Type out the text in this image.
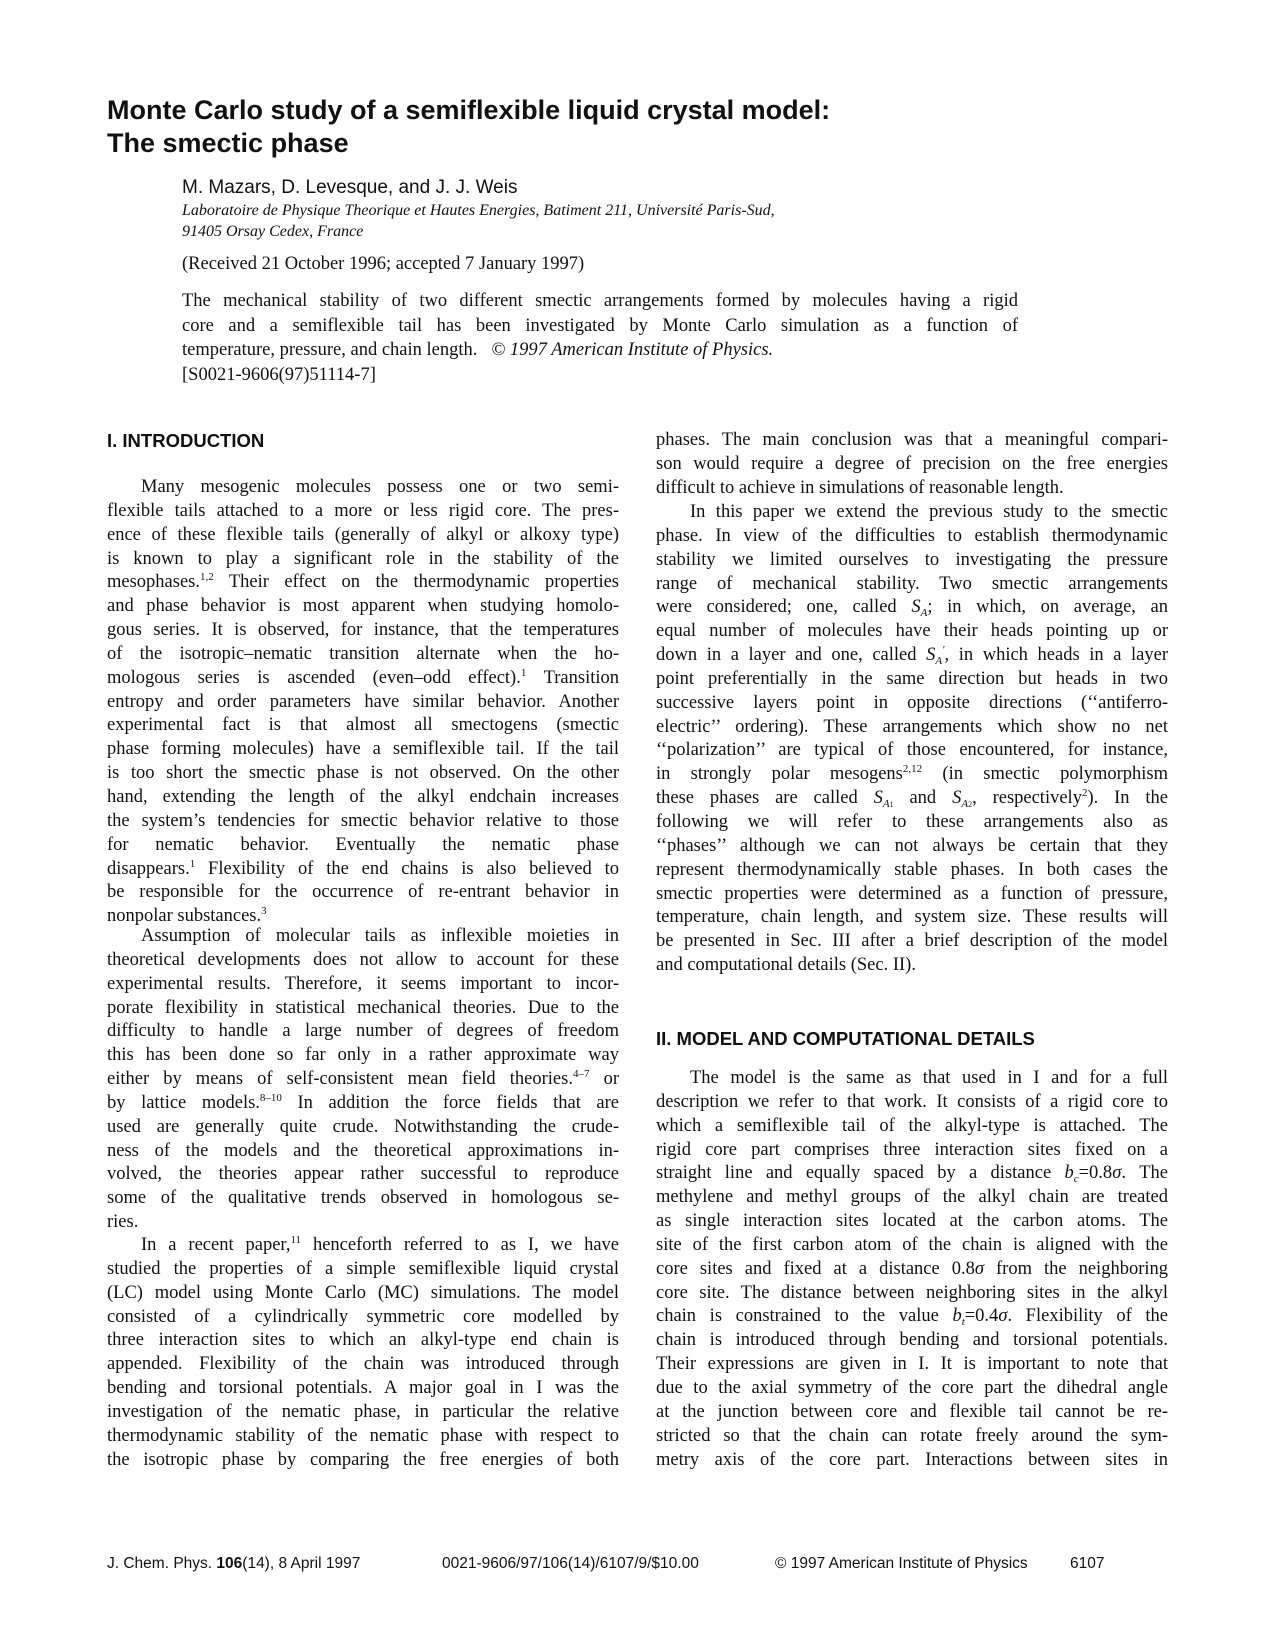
Monte Carlo study of a semiflexible liquid crystal model:
The smectic phase

M. Mazars, D. Levesque, and J. J. Weis

Laboratoire de Physique Theorique et Hautes Energies, Batiment 211, Université Paris-Sud,
91405 Orsay Cedex, France

(Received 21 October 1996; accepted 7 January 1997)

The mechanical stability of two different smectic arrangements formed by molecules having a rigid
core and a semiflexible tail has been investigated by Monte Carlo simulation as a function of
temperature, pressure, and chain length. © 1997 American Institute of Physics.
[S0021-9606(97)51114-7]

I. INTRODUCTION
Many mesogenic molecules possess one or two semi-
flexible tails attached to a more or less rigid core. The pres-
ence of these flexible tails (generally of alkyl or alkoxy type)
is known to play a significant role in the stability of the
mesophases.$^{1,2}$ Their effect on the thermodynamic properties
and phase behavior is most apparent when studying homolo-
gous series. It is observed, for instance, that the temperatures
of the isotropic–nematic transition alternate when the ho-
mologous series is ascended (even–odd effect).$^1$ Transition
entropy and order parameters have similar behavior. Another
experimental fact is that almost all smectogens (smectic
phase forming molecules) have a semiflexible tail. If the tail
is too short the smectic phase is not observed. On the other
hand, extending the length of the alkyl endchain increases
the system’s tendencies for smectic behavior relative to those
for nematic behavior. Eventually the nematic phase
disappears.$^1$ Flexibility of the end chains is also believed to
be responsible for the occurrence of re-entrant behavior in
nonpolar substances.$^3$
Assumption of molecular tails as inflexible moieties in
theoretical developments does not allow to account for these
experimental results. Therefore, it seems important to incor-
porate flexibility in statistical mechanical theories. Due to the
difficulty to handle a large number of degrees of freedom
this has been done so far only in a rather approximate way
either by means of self-consistent mean field theories.$^{4-7}$ or
by lattice models.$^{8-10}$ In addition the force fields that are
used are generally quite crude. Notwithstanding the crude-
ness of the models and the theoretical approximations in-
volved, the theories appear rather successful to reproduce
some of the qualitative trends observed in homologous se-
ries.
In a recent paper,$^{11}$ henceforth referred to as I, we have
studied the properties of a simple semiflexible liquid crystal
(LC) model using Monte Carlo (MC) simulations. The model
consisted of a cylindrically symmetric core modelled by
three interaction sites to which an alkyl-type end chain is
appended. Flexibility of the chain was introduced through
bending and torsional potentials. A major goal in I was the
investigation of the nematic phase, in particular the relative
thermodynamic stability of the nematic phase with respect to
the isotropic phase by comparing the free energies of both
phases. The main conclusion was that a meaningful compari-
son would require a degree of precision on the free energies
difficult to achieve in simulations of reasonable length.
In this paper we extend the previous study to the smectic
phase. In view of the difficulties to establish thermodynamic
stability we limited ourselves to investigating the pressure
range of mechanical stability. Two smectic arrangements
were considered; one, called $S_A$; in which, on average, an
equal number of molecules have their heads pointing up or
down in a layer and one, called $S_A'$, in which heads in a layer
point preferentially in the same direction but heads in two
successive layers point in opposite directions (‘‘antiferro-
electric’’ ordering). These arrangements which show no net
‘‘polarization’’ are typical of those encountered, for instance,
in strongly polar mesogens$^{2,12}$ (in smectic polymorphism
these phases are called $S_{A1}$ and $S_{A2}$, respectively$^2$). In the
following we will refer to these arrangements also as
‘‘phases’’ although we can not always be certain that they
represent thermodynamically stable phases. In both cases the
smectic properties were determined as a function of pressure,
temperature, chain length, and system size. These results will
be presented in Sec. III after a brief description of the model
and computational details (Sec. II).
II. MODEL AND COMPUTATIONAL DETAILS
The model is the same as that used in I and for a full
description we refer to that work. It consists of a rigid core to
which a semiflexible tail of the alkyl-type is attached. The
rigid core part comprises three interaction sites fixed on a
straight line and equally spaced by a distance $b_c=0.8\sigma$. The
methylene and methyl groups of the alkyl chain are treated
as single interaction sites located at the carbon atoms. The
site of the first carbon atom of the chain is aligned with the
core sites and fixed at a distance 0.8σ from the neighboring
core site. The distance between neighboring sites in the alkyl
chain is constrained to the value $b_t=0.4\sigma$. Flexibility of the
chain is introduced through bending and torsional potentials.
Their expressions are given in I. It is important to note that
due to the axial symmetry of the core part the dihedral angle
at the junction between core and flexible tail cannot be re-
stricted so that the chain can rotate freely around the sym-
metry axis of the core part. Interactions between sites in

J. Chem. Phys. 106(14), 8 April 1997	0021-9606/97/106(14)/6107/9/$10.00	© 1997 American Institute of Physics	6107
